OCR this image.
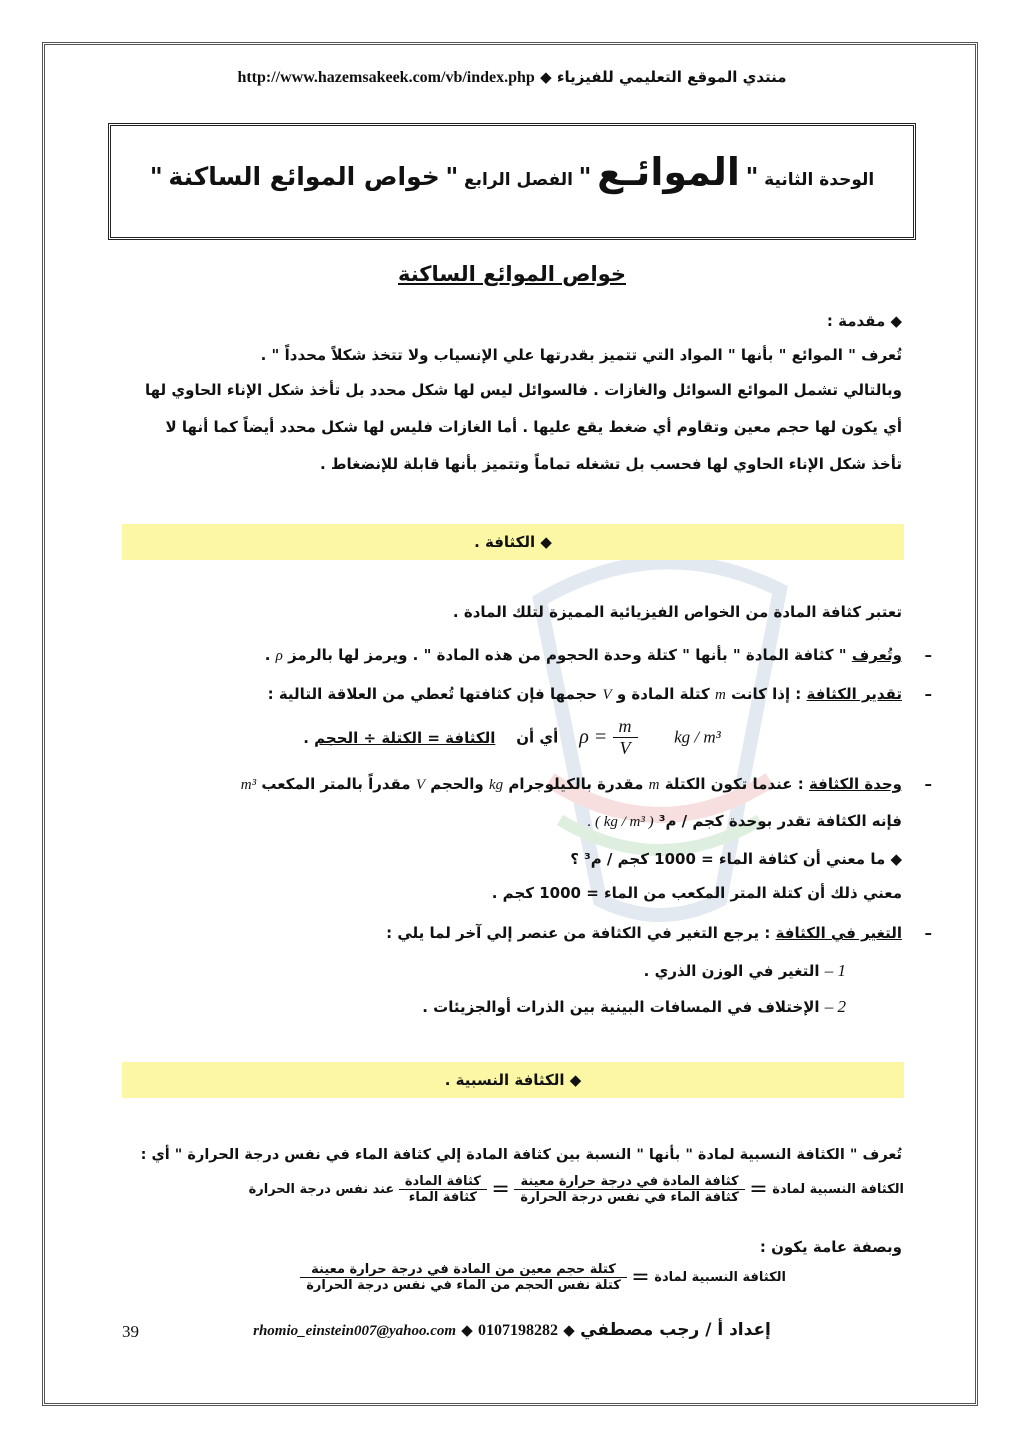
http://www.hazemsakeek.com/vb/index.php ◆ منتدي الموقع التعليمي للفيزياء
الوحدة الثانية " الموائـع " الفصل الرابع " خواص الموائع الساكنة "
خواص الموائع الساكنة
◆ مقدمة :
تُعرف " الموائع " بأنها " المواد التي تتميز بقدرتها علي الإنسياب ولا تتخذ شكلاً محدداً " .
وبالتالي تشمل الموائع السوائل والغازات . فالسوائل ليس لها شكل محدد بل تأخذ شكل الإناء الحاوي لها
أي يكون لها حجم معين وتقاوم أي ضغط يقع عليها . أما الغازات فليس لها شكل محدد أيضاً كما أنها لا
تأخذ شكل الإناء الحاوي لها فحسب بل تشغله تماماً وتتميز بأنها قابلة للإنضغاط .
◆ الكثافة .
تعتبر كثافة المادة من الخواص الفيزيائية المميزة لتلك المادة .
–
وتُعرف " كثافة المادة " بأنها " كتلة وحدة الحجوم من هذه المادة " . ويرمز لها بالرمز ρ .
–
تقدير الكثافة : إذا كانت m كتلة المادة و V حجمها فإن كثافتها تُعطي من العلاقة التالية :
الكثافة = الكتلة ÷ الحجم .	أي أن $\rho = \frac{m}{V}$ kg / m³
–
وحدة الكثافة : عندما تكون الكتلة m مقدرة بالكيلوجرام kg والحجم V مقدراً بالمتر المكعب m³
فإنه الكثافة تقدر بوحدة كجم / م³ ( kg / m³ ) .
◆ ما معني أن كثافة الماء = 1000 كجم / م³ ؟
معني ذلك أن كتلة المتر المكعب من الماء = 1000 كجم .
–
التغير في الكثافة : يرجع التغير في الكثافة من عنصر إلي آخر لما يلي :
1 – التغير في الوزن الذري .
2 – الإختلاف في المسافات البينية بين الذرات أوالجزيئات .
◆ الكثافة النسبية .
تُعرف " الكثافة النسبية لمادة " بأنها " النسبة بين كثافة المادة إلي كثافة الماء في نفس درجة الحرارة " أي :
الكثافة النسبية لمادة =
$\frac{\text{كثافة المادة في درجة حرارة معينة}}{\text{كثافة الماء في نفس درجة الحرارة}}$
=
$\frac{\text{كثافة المادة}}{\text{كثافة الماء}}$
عند نفس درجة الحرارة
وبصفة عامة يكون :
الكثافة النسبية لمادة =
$\frac{\text{كتلة حجم معين من المادة في درجة حرارة معينة}}{\text{كتلة نفس الحجم من الماء في نفس درجة الحرارة}}$
39	rhomio_einstein007@yahoo.com ◆ 0107198282 ◆ إعداد أ / رجب مصطفي
